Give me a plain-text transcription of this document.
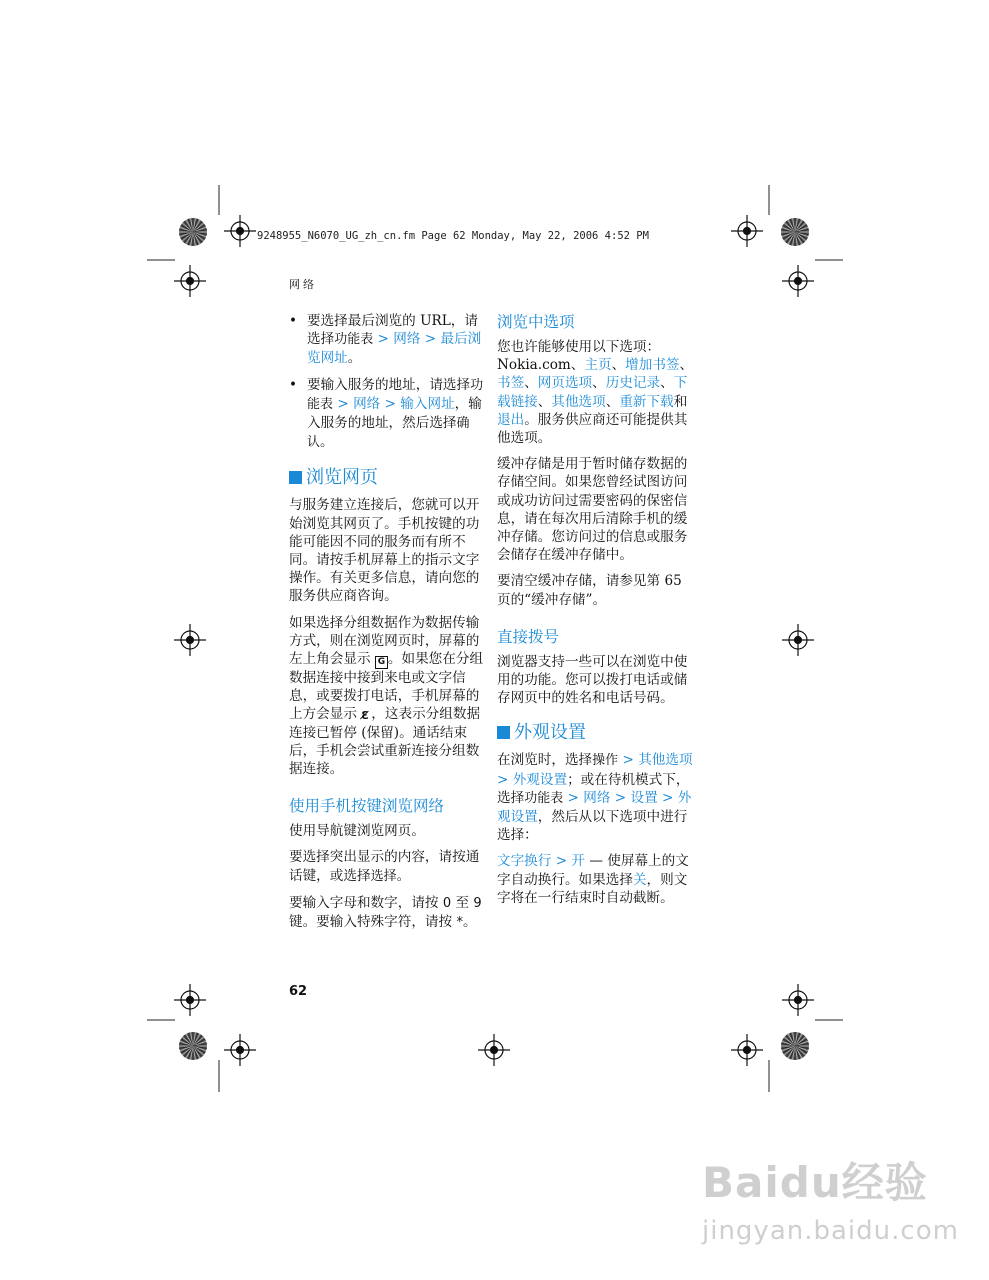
9248955_N6070_UG_zh_cn.fm Page 62 Monday, May 22, 2006 4:52 PM
网络
• 要选择最后浏览的 URL，请选择功能表 > 网络 > 最后浏览网址。
• 要输入服务的地址，请选择功能表 > 网络 > 输入网址，输入服务的地址，然后选择确认。
浏览网页

与服务建立连接后，您就可以开始浏览其网页了。手机按键的功能可能因不同的服务而有所不同。请按手机屏幕上的指示文字操作。有关更多信息，请向您的服务供应商咨询。

如果选择分组数据作为数据传输方式，则在浏览网页时，屏幕的左上角会显示 G 。如果您在分组数据连接中接到来电或文字信息，或要拨打电话，手机屏幕的上方会显示 Ɛ̸ ，这表示分组数据连接已暂停 (保留)。通话结束后，手机会尝试重新连接分组数据连接。

使用手机按键浏览网络

使用导航键浏览网页。

要选择突出显示的内容，请按通话键，或选择选择。

要输入字母和数字，请按 0 至 9 键。要输入特殊字符，请按 *。

浏览中选项

您也许能够使用以下选项：Nokia.com、主页、增加书签、书签、网页选项、历史记录、下载链接、其他选项、重新下载和退出。服务供应商还可能提供其他选项。

缓冲存储是用于暂时储存数据的存储空间。如果您曾经试图访问或成功访问过需要密码的保密信息，请在每次用后清除手机的缓冲存储。您访问过的信息或服务会储存在缓冲存储中。

要清空缓冲存储，请参见第 65 页的“缓冲存储”。

直接拨号

浏览器支持一些可以在浏览中使用的功能。您可以拨打电话或储存网页中的姓名和电话号码。

外观设置

在浏览时，选择操作 > 其他选项 > 外观设置；或在待机模式下，选择功能表 > 网络 > 设置 > 外观设置，然后从以下选项中进行选择：

文字换行 > 开 — 使屏幕上的文字自动换行。如果选择关，则文字将在一行结束时自动截断。

62
Baidu经验
jingyan.baidu.com
